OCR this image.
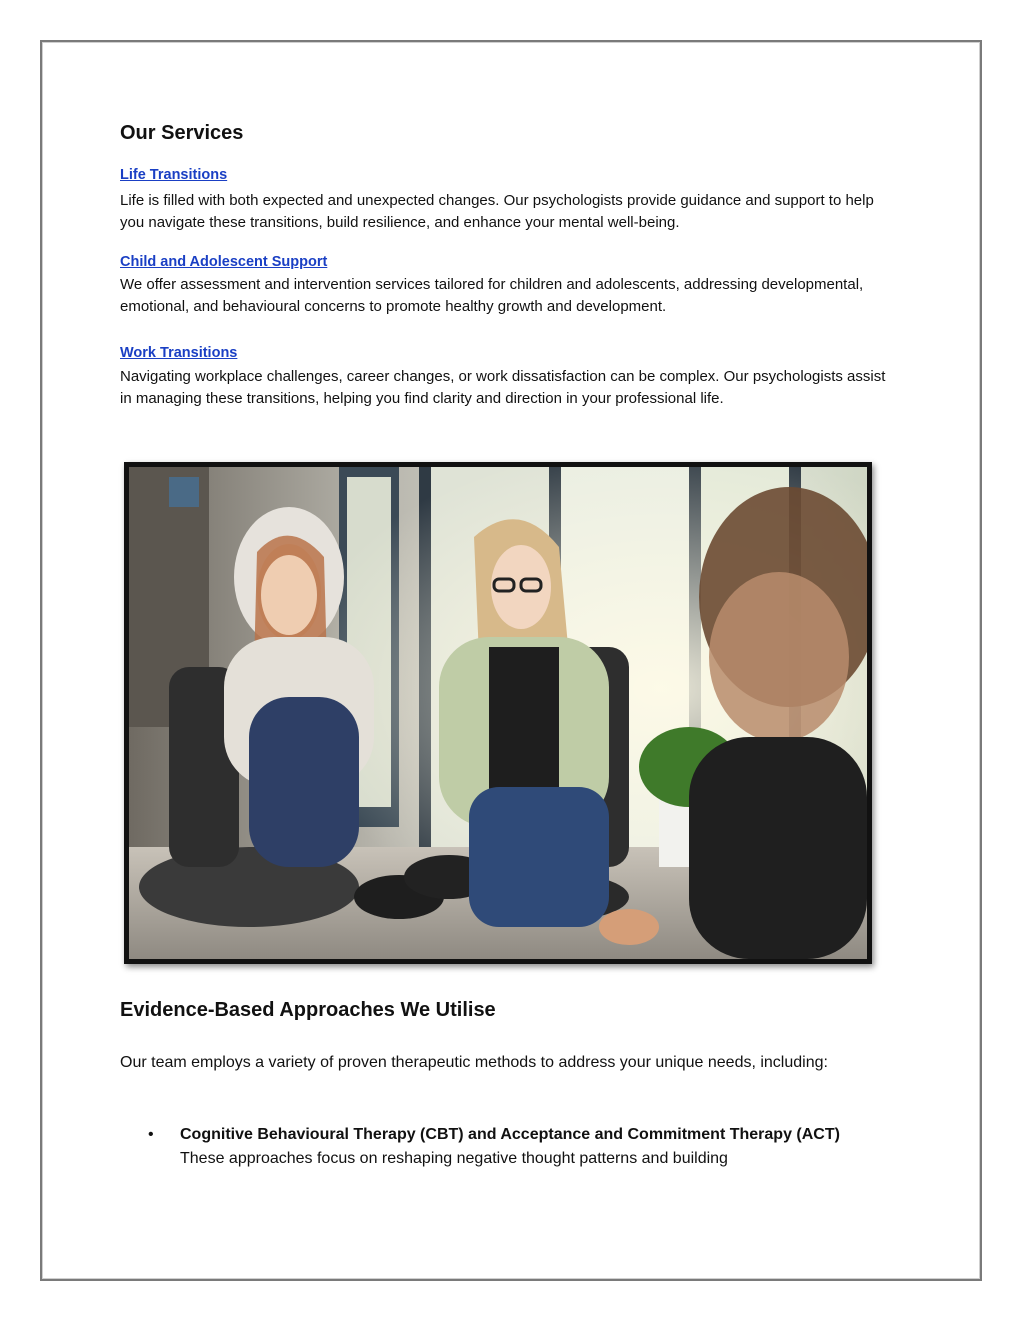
Our Services
Life Transitions

Life is filled with both expected and unexpected changes. Our psychologists provide guidance and support to help you navigate these transitions, build resilience, and enhance your mental well-being.

Child and Adolescent Support

We offer assessment and intervention services tailored for children and adolescents, addressing developmental, emotional, and behavioural concerns to promote healthy growth and development.

Work Transitions

Navigating workplace challenges, career changes, or work dissatisfaction can be complex. Our psychologists assist in managing these transitions, helping you find clarity and direction in your professional life.

Evidence-Based Approaches We Utilise

Our team employs a variety of proven therapeutic methods to address your unique needs, including:

• Cognitive Behavioural Therapy (CBT) and Acceptance and Commitment Therapy (ACT)
These approaches focus on reshaping negative thought patterns and building
